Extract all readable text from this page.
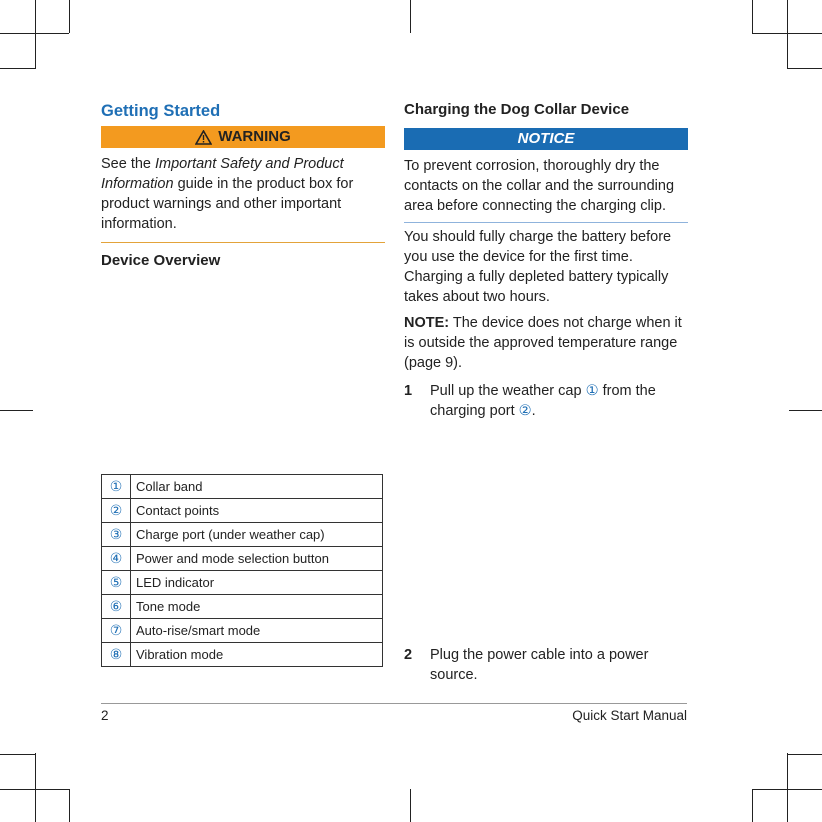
Getting Started
WARNING

See the Important Safety and Product Information guide in the product box for product warnings and other important information.

Device Overview
①	Collar band
②	Contact points
③	Charge port (under weather cap)
④	Power and mode selection button
⑤	LED indicator
⑥	Tone mode
⑦	Auto-rise/smart mode
⑧	Vibration mode
Charging the Dog Collar Device
NOTICE

To prevent corrosion, thoroughly dry the contacts on the collar and the surrounding area before connecting the charging clip.

You should fully charge the battery before you use the device for the first time. Charging a fully depleted battery typically takes about two hours.

NOTE: The device does not charge when it is outside the approved temperature range (page 9).

1	Pull up the weather cap ① from the charging port ②.
2	Plug the power cable into a power source.
2	Quick Start Manual
